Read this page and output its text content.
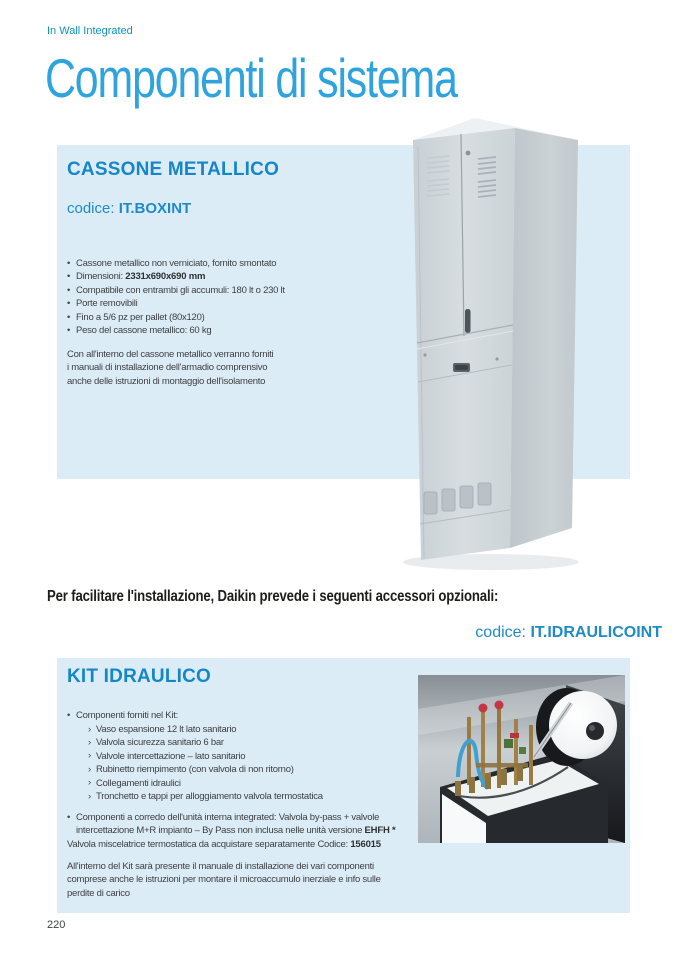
In Wall Integrated
Componenti di sistema
CASSONE METALLICO
codice: IT.BOXINT
• Cassone metallico non verniciato, fornito smontato
• Dimensioni: 2331x690x690 mm
• Compatibile con entrambi gli accumuli: 180 lt o 230 lt
• Porte removibili
• Fino a 5/6 pz per pallet (80x120)
• Peso del cassone metallico: 60 kg
Con all'interno del cassone metallico verranno forniti
i manuali di installazione dell'armadio comprensivo
anche delle istruzioni di montaggio dell'isolamento
Per facilitare l'installazione, Daikin prevede i seguenti accessori opzionali:
codice: IT.IDRAULICOINT
KIT IDRAULICO
• Componenti forniti nel Kit:
› Vaso espansione 12 lt lato sanitario
› Valvola sicurezza sanitario 6 bar
› Valvole intercettazione – lato sanitario
› Rubinetto riempimento (con valvola di non ritorno)
› Collegamenti idraulici
› Tronchetto e tappi per alloggiamento valvola termostatica
• Componenti a corredo dell'unità interna integrated: Valvola by-pass + valvole
intercettazione M+R impianto – By Pass non inclusa nelle unità versione EHFH *
Valvola miscelatrice termostatica da acquistare separatamente Codice: 156015
All'interno del Kit sarà presente il manuale di installazione dei vari componenti
comprese anche le istruzioni per montare il microaccumulo inerziale e info sulle
perdite di carico
220
